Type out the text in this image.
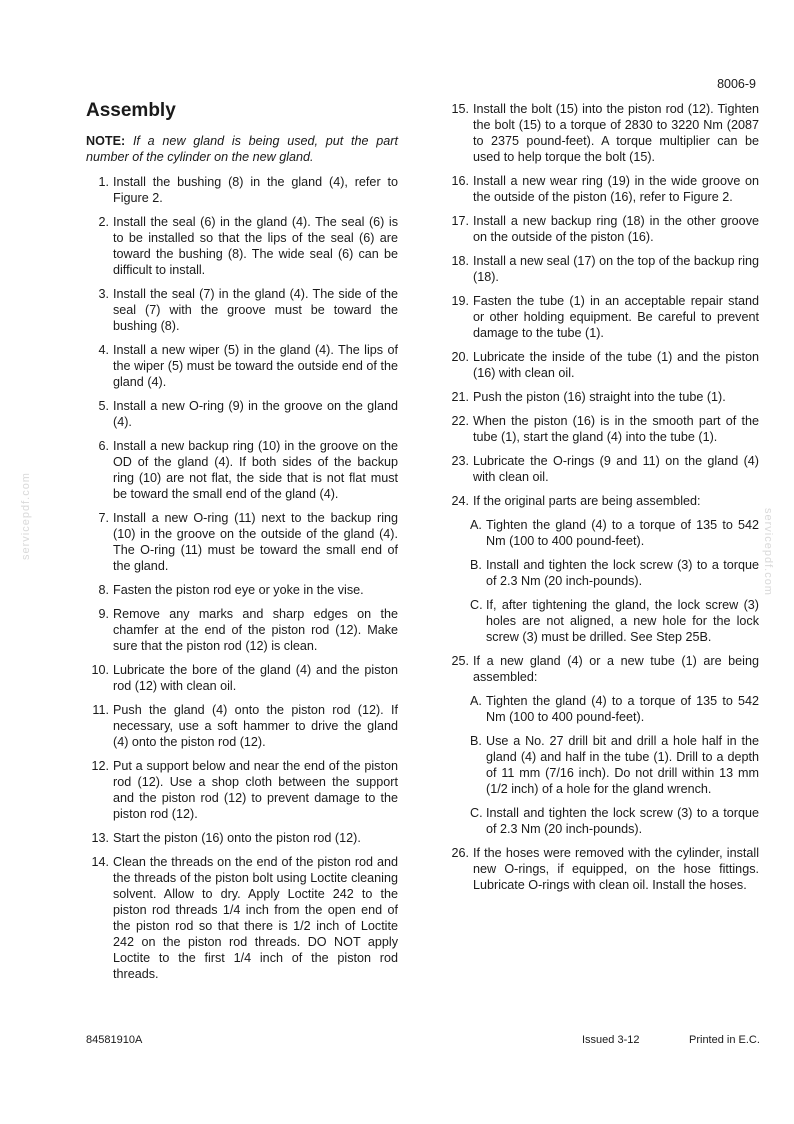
8006-9
servicepdf.com	servicepdf.com
Assembly

NOTE: If a new gland is being used, put the part number of the cylinder on the new gland.

1. Install the bushing (8) in the gland (4), refer to Figure 2.
2. Install the seal (6) in the gland (4). The seal (6) is to be installed so that the lips of the seal (6) are toward the bushing (8). The wide seal (6) can be difficult to install.
3. Install the seal (7) in the gland (4). The side of the seal (7) with the groove must be toward the bushing (8).
4. Install a new wiper (5) in the gland (4). The lips of the wiper (5) must be toward the outside end of the gland (4).
5. Install a new O-ring (9) in the groove on the gland (4).
6. Install a new backup ring (10) in the groove on the OD of the gland (4). If both sides of the backup ring (10) are not flat, the side that is not flat must be toward the small end of the gland (4).
7. Install a new O-ring (11) next to the backup ring (10) in the groove on the outside of the gland (4). The O-ring (11) must be toward the small end of the gland.
8. Fasten the piston rod eye or yoke in the vise.
9. Remove any marks and sharp edges on the chamfer at the end of the piston rod (12). Make sure that the piston rod (12) is clean.
10. Lubricate the bore of the gland (4) and the piston rod (12) with clean oil.
11. Push the gland (4) onto the piston rod (12). If necessary, use a soft hammer to drive the gland (4) onto the piston rod (12).
12. Put a support below and near the end of the piston rod (12). Use a shop cloth between the support and the piston rod (12) to prevent damage to the piston rod (12).
13. Start the piston (16) onto the piston rod (12).
14. Clean the threads on the end of the piston rod and the threads of the piston bolt using Loctite cleaning solvent. Allow to dry. Apply Loctite 242 to the piston rod threads 1/4 inch from the open end of the piston rod so that there is 1/2 inch of Loctite 242 on the piston rod threads. DO NOT apply Loctite to the first 1/4 inch of the piston rod threads.
15. Install the bolt (15) into the piston rod (12). Tighten the bolt (15) to a torque of 2830 to 3220 Nm (2087 to 2375 pound-feet). A torque multiplier can be used to help torque the bolt (15).
16. Install a new wear ring (19) in the wide groove on the outside of the piston (16), refer to Figure 2.
17. Install a new backup ring (18) in the other groove on the outside of the piston (16).
18. Install a new seal (17) on the top of the backup ring (18).
19. Fasten the tube (1) in an acceptable repair stand or other holding equipment. Be careful to prevent damage to the tube (1).
20. Lubricate the inside of the tube (1) and the piston (16) with clean oil.
21. Push the piston (16) straight into the tube (1).
22. When the piston (16) is in the smooth part of the tube (1), start the gland (4) into the tube (1).
23. Lubricate the O-rings (9 and 11) on the gland (4) with clean oil.
24. If the original parts are being assembled:
A. Tighten the gland (4) to a torque of 135 to 542 Nm (100 to 400 pound-feet).
B. Install and tighten the lock screw (3) to a torque of 2.3 Nm (20 inch-pounds).
C. If, after tightening the gland, the lock screw (3) holes are not aligned, a new hole for the lock screw (3) must be drilled. See Step 25B.
25. If a new gland (4) or a new tube (1) are being assembled:
A. Tighten the gland (4) to a torque of 135 to 542 Nm (100 to 400 pound-feet).
B. Use a No. 27 drill bit and drill a hole half in the gland (4) and half in the tube (1). Drill to a depth of 11 mm (7/16 inch). Do not drill within 13 mm (1/2 inch) of a hole for the gland wrench.
C. Install and tighten the lock screw (3) to a torque of 2.3 Nm (20 inch-pounds).
26. If the hoses were removed with the cylinder, install new O-rings, if equipped, on the hose fittings. Lubricate O-rings with clean oil. Install the hoses.
84581910A	Issued 3-12	Printed in E.C.
